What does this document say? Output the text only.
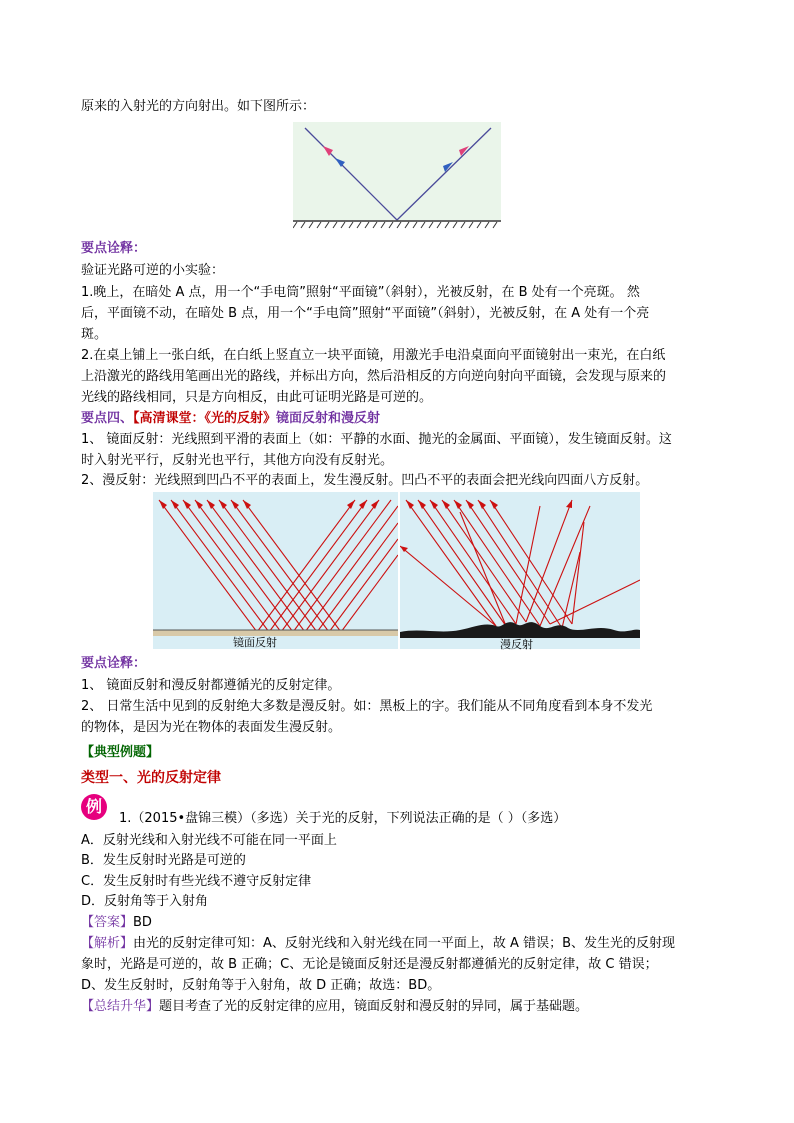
原来的入射光的方向射出。如下图所示：
要点诠释：
验证光路可逆的小实验：
1.晚上，在暗处 A 点，用一个“手电筒”照射“平面镜”（斜射），光被反射，在 B 处有一个亮斑。 然
后，平面镜不动，在暗处 B 点，用一个“手电筒”照射“平面镜”（斜射），光被反射，在 A 处有一个亮
斑。
2.在桌上铺上一张白纸，在白纸上竖直立一块平面镜，用激光手电沿桌面向平面镜射出一束光，在白纸
上沿激光的路线用笔画出光的路线，并标出方向，然后沿相反的方向逆向射向平面镜，会发现与原来的
光线的路线相同，只是方向相反，由此可证明光路是可逆的。
要点四、【高清课堂：《光的反射》镜面反射和漫反射
1、 镜面反射：光线照到平滑的表面上（如：平静的水面、抛光的金属面、平面镜），发生镜面反射。这
时入射光平行，反射光也平行，其他方向没有反射光。
2、漫反射：光线照到凹凸不平的表面上，发生漫反射。凹凸不平的表面会把光线向四面八方反射。
镜面反射	漫反射
要点诠释：
1、 镜面反射和漫反射都遵循光的反射定律。
2、 日常生活中见到的反射绝大多数是漫反射。如：黑板上的字。我们能从不同角度看到本身不发光
的物体，是因为光在物体的表面发生漫反射。
【典型例题】
类型一、光的反射定律
例
1.（2015•盘锦三模）（多选）关于光的反射，下列说法正确的是（ ）（多选）
A．反射光线和入射光线不可能在同一平面上
B．发生反射时光路是可逆的
C．发生反射时有些光线不遵守反射定律
D．反射角等于入射角
【答案】BD
【解析】由光的反射定律可知：A、反射光线和入射光线在同一平面上，故 A 错误；B、发生光的反射现
象时，光路是可逆的，故 B 正确；C、无论是镜面反射还是漫反射都遵循光的反射定律，故 C 错误；
D、发生反射时，反射角等于入射角，故 D 正确；故选：BD。
【总结升华】题目考查了光的反射定律的应用，镜面反射和漫反射的异同，属于基础题。
